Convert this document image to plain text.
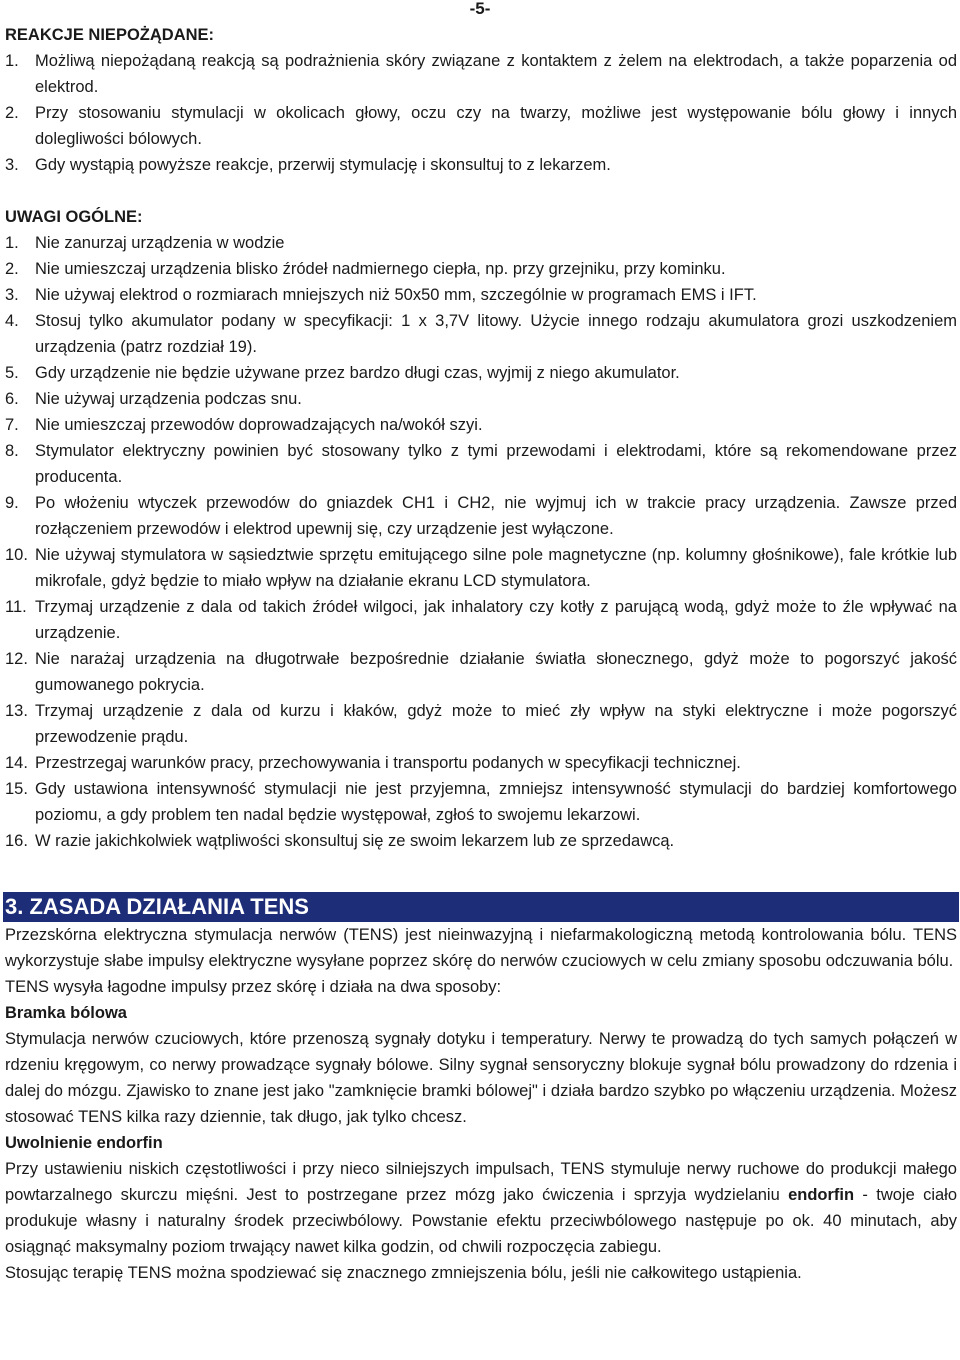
-5-
REAKCJE NIEPOŻĄDANE:
1. Możliwą niepożądaną reakcją są podrażnienia skóry związane z kontaktem z żelem na elektrodach, a także poparzenia od elektrod.
2. Przy stosowaniu stymulacji w okolicach głowy, oczu czy na twarzy, możliwe jest występowanie bólu głowy i innych dolegliwości bólowych.
3. Gdy wystąpią powyższe reakcje, przerwij stymulację i skonsultuj to z lekarzem.
UWAGI OGÓLNE:
1. Nie zanurzaj urządzenia w wodzie
2. Nie umieszczaj urządzenia blisko źródeł nadmiernego ciepła, np. przy grzejniku, przy kominku.
3. Nie używaj elektrod o rozmiarach mniejszych niż 50x50 mm, szczególnie w programach EMS i IFT.
4. Stosuj tylko akumulator podany w specyfikacji: 1 x 3,7V litowy. Użycie innego rodzaju akumulatora grozi uszkodzeniem urządzenia (patrz rozdział 19).
5. Gdy urządzenie nie będzie używane przez bardzo długi czas, wyjmij z niego akumulator.
6. Nie używaj urządzenia podczas snu.
7. Nie umieszczaj przewodów doprowadzających na/wokół szyi.
8. Stymulator elektryczny powinien być stosowany tylko z tymi przewodami i elektrodami, które są rekomendowane przez producenta.
9. Po włożeniu wtyczek przewodów do gniazdek CH1 i CH2, nie wyjmuj ich w trakcie pracy urządzenia. Zawsze przed rozłączeniem przewodów i elektrod upewnij się, czy urządzenie jest wyłączone.
10. Nie używaj stymulatora w sąsiedztwie sprzętu emitującego silne pole magnetyczne (np. kolumny głośnikowe), fale krótkie lub mikrofale, gdyż będzie to miało wpływ na działanie ekranu LCD stymulatora.
11. Trzymaj urządzenie z dala od takich źródeł wilgoci, jak inhalatory czy kotły z parującą wodą, gdyż może to źle wpływać na urządzenie.
12. Nie narażaj urządzenia na długotrwałe bezpośrednie działanie światła słonecznego, gdyż może to pogorszyć jakość gumowanego pokrycia.
13. Trzymaj urządzenie z dala od kurzu i kłaków, gdyż może to mieć zły wpływ na styki elektryczne i może pogorszyć przewodzenie prądu.
14. Przestrzegaj warunków pracy, przechowywania i transportu podanych w specyfikacji technicznej.
15. Gdy ustawiona intensywność stymulacji nie jest przyjemna, zmniejsz intensywność stymulacji do bardziej komfortowego poziomu, a gdy problem ten nadal będzie występował, zgłoś to swojemu lekarzowi.
16. W razie jakichkolwiek wątpliwości skonsultuj się ze swoim lekarzem lub ze sprzedawcą.
3. ZASADA DZIAŁANIA TENS

Przezskórna elektryczna stymulacja nerwów (TENS) jest nieinwazyjną i niefarmakologiczną metodą kontrolowania bólu. TENS wykorzystuje słabe impulsy elektryczne wysyłane poprzez skórę do nerwów czuciowych w celu zmiany sposobu odczuwania bólu.

TENS wysyła łagodne impulsy przez skórę i działa na dwa sposoby:

Bramka bólowa

Stymulacja nerwów czuciowych, które przenoszą sygnały dotyku i temperatury. Nerwy te prowadzą do tych samych połączeń w rdzeniu kręgowym, co nerwy prowadzące sygnały bólowe. Silny sygnał sensoryczny blokuje sygnał bólu prowadzony do rdzenia i dalej do mózgu. Zjawisko to znane jest jako "zamknięcie bramki bólowej" i działa bardzo szybko po włączeniu urządzenia. Możesz stosować TENS kilka razy dziennie, tak długo, jak tylko chcesz.

Uwolnienie endorfin

Przy ustawieniu niskich częstotliwości i przy nieco silniejszych impulsach, TENS stymuluje nerwy ruchowe do produkcji małego powtarzalnego skurczu mięśni. Jest to postrzegane przez mózg jako ćwiczenia i sprzyja wydzielaniu endorfin - twoje ciało produkuje własny i naturalny środek przeciwbólowy. Powstanie efektu przeciwbólowego następuje po ok. 40 minutach, aby osiągnąć maksymalny poziom trwający nawet kilka godzin, od chwili rozpoczęcia zabiegu.

Stosując terapię TENS można spodziewać się znacznego zmniejszenia bólu, jeśli nie całkowitego ustąpienia.
